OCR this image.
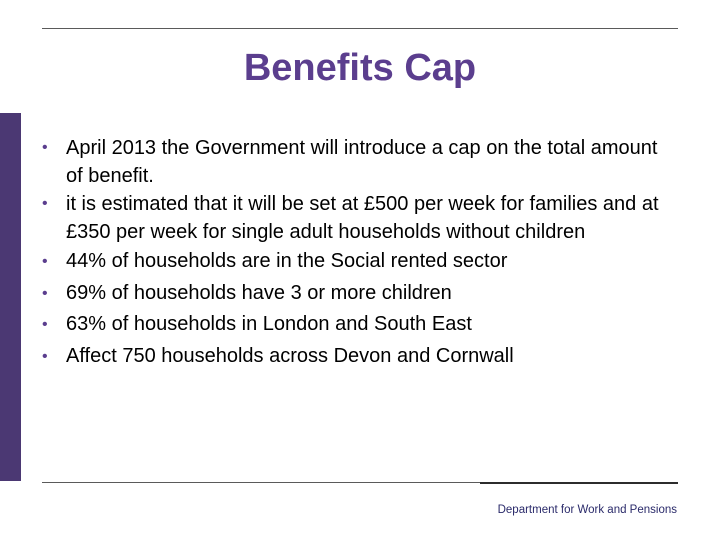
Benefits Cap
• April 2013 the Government will introduce a cap on the total amount of benefit.
• it is estimated that it will be set at £500 per week for families and at £350 per week for single adult households without children
• 44% of households are in the Social rented sector
• 69% of households have 3 or more children
• 63% of households in London and South East
• Affect 750 households across Devon and Cornwall
Department for Work and Pensions
